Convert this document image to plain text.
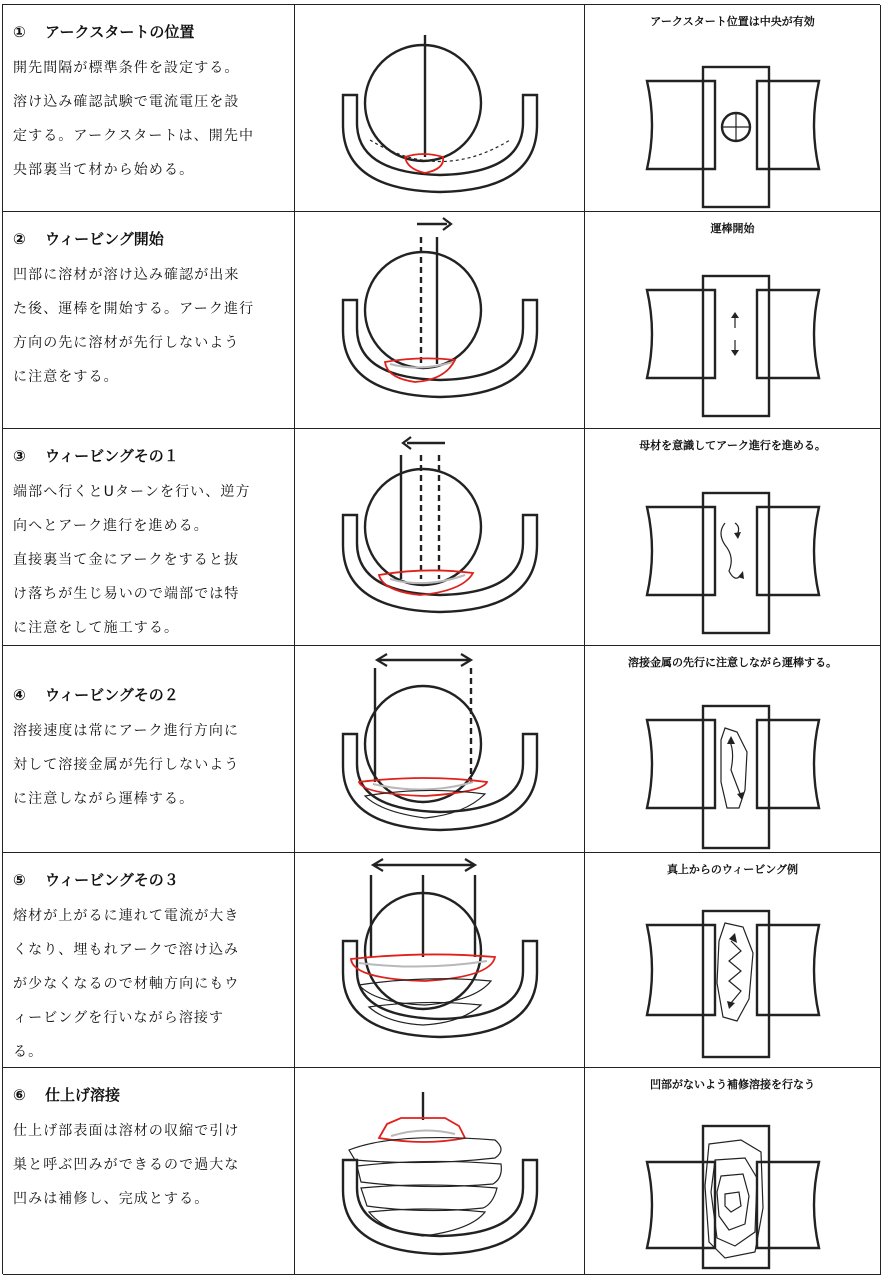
① アークスタートの位置
開先間隔が標準条件を設定する。
溶け込み確認試験で電流電圧を設
定する。アークスタートは、開先中
央部裏当て材から始める。
アークスタート位置は中央が有効
② ウィービング開始
凹部に溶材が溶け込み確認が出来
た後、運棒を開始する。アーク進行
方向の先に溶材が先行しないよう
に注意をする。
運棒開始
③ ウィービングその１
端部へ行くとUターンを行い、逆方
向へとアーク進行を進める。
直接裏当て金にアークをすると抜
け落ちが生じ易いので端部では特
に注意をして施工する。
母材を意識してアーク進行を進める。
④ ウィービングその２
溶接速度は常にアーク進行方向に
対して溶接金属が先行しないよう
に注意しながら運棒する。
溶接金属の先行に注意しながら運棒する。
⑤ ウィービングその３
熔材が上がるに連れて電流が大き
くなり、埋もれアークで溶け込み
が少なくなるので材軸方向にもウ
ィービングを行いながら溶接す
る。
真上からのウィービング例
⑥ 仕上げ溶接
仕上げ部表面は溶材の収縮で引け
巣と呼ぶ凹みができるので過大な
凹みは補修し、完成とする。
凹部がないよう補修溶接を行なう
